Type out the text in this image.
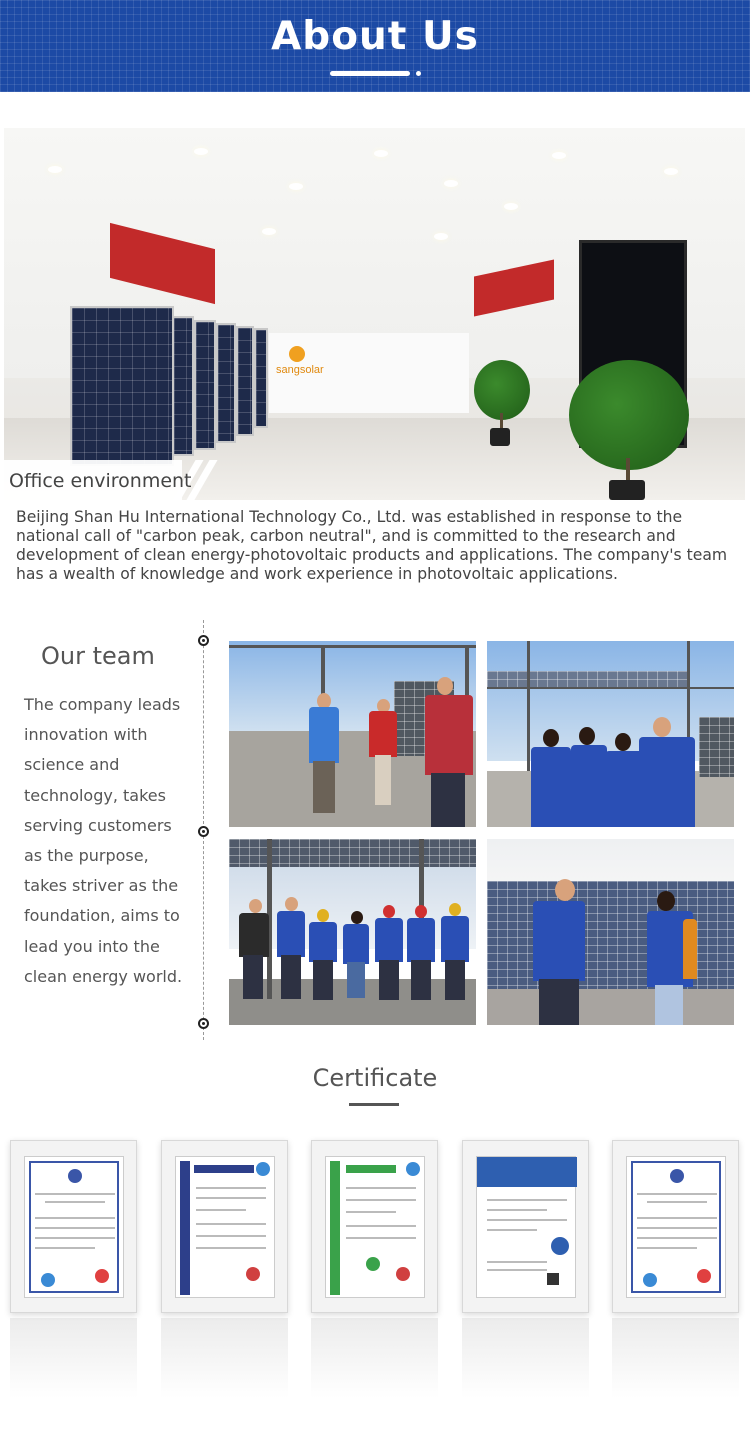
About Us
sangsolar
Office environment

Beijing Shan Hu International Technology Co., Ltd. was established in response to the national call of "carbon peak, carbon neutral", and is committed to the research and development of clean energy-photovoltaic products and applications. The company's team has a wealth of knowledge and work experience in photovoltaic applications.

Our team

The company leads innovation with science and technology, takes serving customers as the purpose, takes striver as the foundation, aims to lead you into the clean energy world.

Certificate
